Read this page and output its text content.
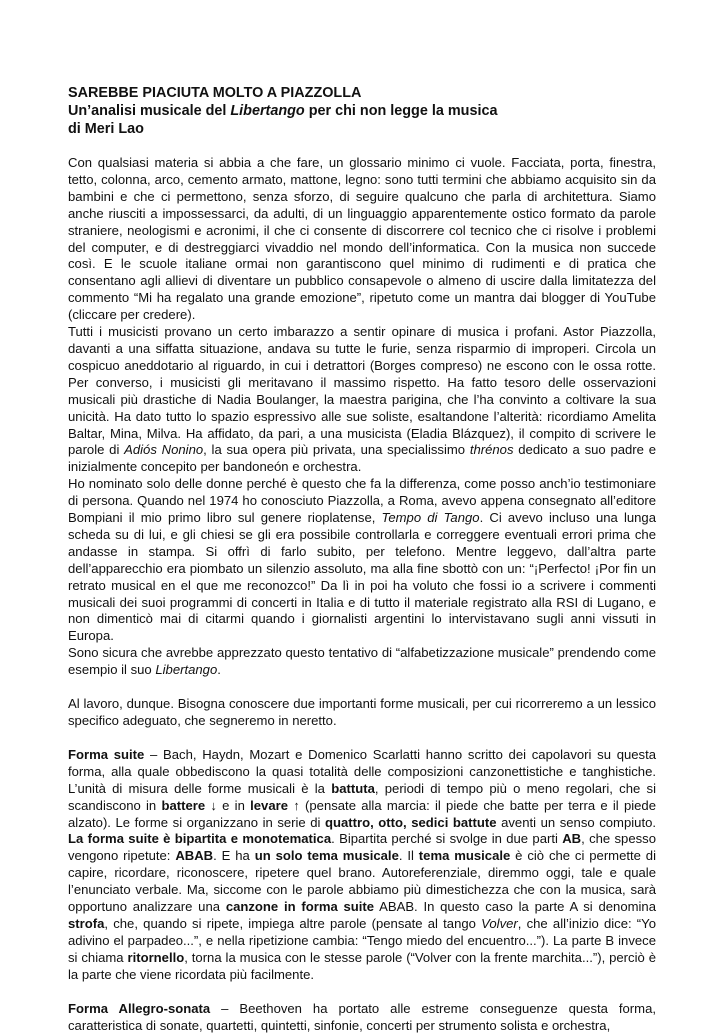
SAREBBE PIACIUTA MOLTO A PIAZZOLLA
Un’analisi musicale del Libertango per chi non legge la musica
di Meri Lao

Con qualsiasi materia si abbia a che fare, un glossario minimo ci vuole. Facciata, porta, finestra, tetto, colonna, arco, cemento armato, mattone, legno: sono tutti termini che abbiamo acquisito sin da bambini e che ci permettono, senza sforzo, di seguire qualcuno che parla di architettura. Siamo anche riusciti a impossessarci, da adulti, di un linguaggio apparentemente ostico formato da parole straniere, neologismi e acronimi, il che ci consente di discorrere col tecnico che ci risolve i problemi del computer, e di destreggiarci vivaddio nel mondo dell’informatica. Con la musica non succede così. E le scuole italiane ormai non garantiscono quel minimo di rudimenti e di pratica che consentano agli allievi di diventare un pubblico consapevole o almeno di uscire dalla limitatezza del commento “Mi ha regalato una grande emozione”, ripetuto come un mantra dai blogger di YouTube (cliccare per credere).

Tutti i musicisti provano un certo imbarazzo a sentir opinare di musica i profani. Astor Piazzolla, davanti a una siffatta situazione, andava su tutte le furie, senza risparmio di improperi. Circola un cospicuo aneddotario al riguardo, in cui i detrattori (Borges compreso) ne escono con le ossa rotte. Per converso, i musicisti gli meritavano il massimo rispetto. Ha fatto tesoro delle osservazioni musicali più drastiche di Nadia Boulanger, la maestra parigina, che l’ha convinto a coltivare la sua unicità. Ha dato tutto lo spazio espressivo alle sue soliste, esaltandone l’alterità: ricordiamo Amelita Baltar, Mina, Milva. Ha affidato, da pari, a una musicista (Eladia Blázquez), il compito di scrivere le parole di Adiós Nonino, la sua opera più privata, una specialissimo thrénos dedicato a suo padre e inizialmente concepito per bandoneón e orchestra.

Ho nominato solo delle donne perché è questo che fa la differenza, come posso anch’io testimoniare di persona. Quando nel 1974 ho conosciuto Piazzolla, a Roma, avevo appena consegnato all’editore Bompiani il mio primo libro sul genere rioplatense, Tempo di Tango. Ci avevo incluso una lunga scheda su di lui, e gli chiesi se gli era possibile controllarla e correggere eventuali errori prima che andasse in stampa. Si offrì di farlo subito, per telefono. Mentre leggevo, dall’altra parte dell’apparecchio era piombato un silenzio assoluto, ma alla fine sbottò con un: “¡Perfecto! ¡Por fin un retrato musical en el que me reconozco!” Da lì in poi ha voluto che fossi io a scrivere i commenti musicali dei suoi programmi di concerti in Italia e di tutto il materiale registrato alla RSI di Lugano, e non dimenticò mai di citarmi quando i giornalisti argentini lo intervistavano sugli anni vissuti in Europa.

Sono sicura che avrebbe apprezzato questo tentativo di “alfabetizzazione musicale” prendendo come esempio il suo Libertango.

Al lavoro, dunque. Bisogna conoscere due importanti forme musicali, per cui ricorreremo a un lessico specifico adeguato, che segneremo in neretto.

Forma suite – Bach, Haydn, Mozart e Domenico Scarlatti hanno scritto dei capolavori su questa forma, alla quale obbediscono la quasi totalità delle composizioni canzonettistiche e tanghistiche. L’unità di misura delle forme musicali è la battuta, periodi di tempo più o meno regolari, che si scandiscono in battere ↓ e in levare ↑ (pensate alla marcia: il piede che batte per terra e il piede alzato). Le forme si organizzano in serie di quattro, otto, sedici battute aventi un senso compiuto. La forma suite è bipartita e monotematica. Bipartita perché si svolge in due parti AB, che spesso vengono ripetute: ABAB. E ha un solo tema musicale. Il tema musicale è ciò che ci permette di capire, ricordare, riconoscere, ripetere quel brano. Autoreferenziale, diremmo oggi, tale e quale l’enunciato verbale. Ma, siccome con le parole abbiamo più dimestichezza che con la musica, sarà opportuno analizzare una canzone in forma suite ABAB. In questo caso la parte A si denomina strofa, che, quando si ripete, impiega altre parole (pensate al tango Volver, che all’inizio dice: “Yo adivino el parpadeo...”, e nella ripetizione cambia: “Tengo miedo del encuentro...”). La parte B invece si chiama ritornello, torna la musica con le stesse parole (“Volver con la frente marchita...”), perciò è la parte che viene ricordata più facilmente.

Forma Allegro-sonata – Beethoven ha portato alle estreme conseguenze questa forma, caratteristica di sonate, quartetti, quintetti, sinfonie, concerti per strumento solista e orchestra,
